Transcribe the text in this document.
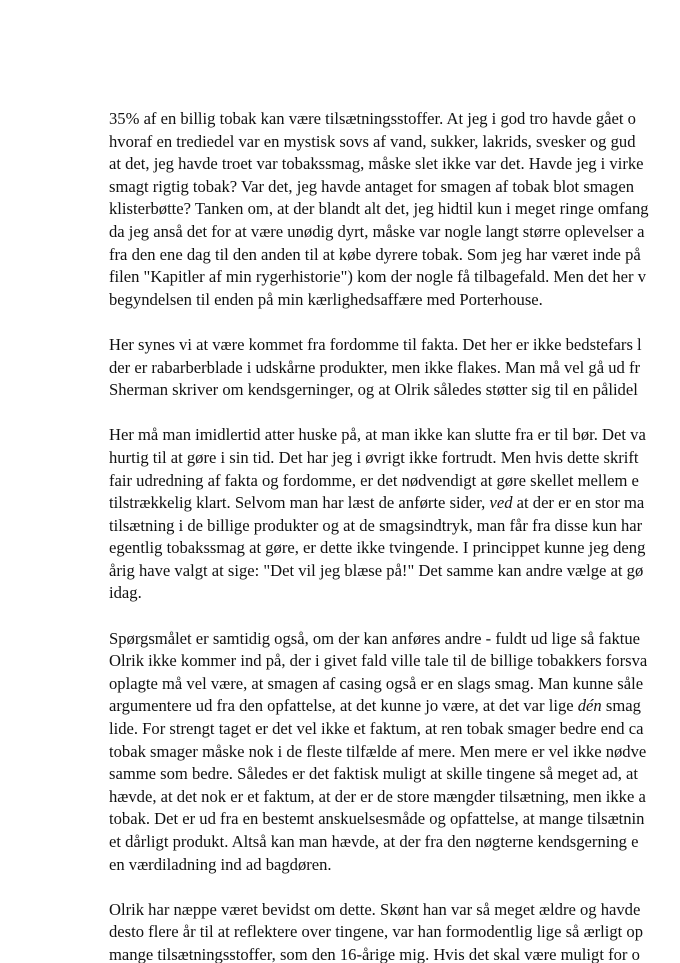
35% af en billig tobak kan være tilsætningsstoffer. At jeg i god tro havde gået o
hvoraf en trediedel var en mystisk sovs af vand, sukker, lakrids, svesker og gud
at det, jeg havde troet var tobakssmag, måske slet ikke var det. Havde jeg i virke
smagt rigtig tobak? Var det, jeg havde antaget for smagen af tobak blot smagen
klisterbøtte? Tanken om, at der blandt alt det, jeg hidtil kun i meget ringe omfang
da jeg anså det for at være unødig dyrt, måske var nogle langt større oplevelser a
fra den ene dag til den anden til at købe dyrere tobak. Som jeg har været inde på
filen "Kapitler af min rygerhistorie") kom der nogle få tilbagefald. Men det her v
begyndelsen til enden på min kærlighedsaffære med Porterhouse.

Her synes vi at være kommet fra fordomme til fakta. Det her er ikke bedstefars l
der er rabarberblade i udskårne produkter, men ikke flakes. Man må vel gå ud fr
Sherman skriver om kendsgerninger, og at Olrik således støtter sig til en pålidel

Her må man imidlertid atter huske på, at man ikke kan slutte fra er til bør. Det va
hurtig til at gøre i sin tid. Det har jeg i øvrigt ikke fortrudt. Men hvis dette skrift
fair udredning af fakta og fordomme, er det nødvendigt at gøre skellet mellem e
tilstrækkelig klart. Selvom man har læst de anførte sider, ved at der er en stor ma
tilsætning i de billige produkter og at de smagsindtryk, man får fra disse kun har
egentlig tobakssmag at gøre, er dette ikke tvingende. I princippet kunne jeg deng
årig have valgt at sige: "Det vil jeg blæse på!" Det samme kan andre vælge at gø
idag.

Spørgsmålet er samtidig også, om der kan anføres andre - fuldt ud lige så faktue
Olrik ikke kommer ind på, der i givet fald ville tale til de billige tobakkers forsva
oplagte må vel være, at smagen af casing også er en slags smag. Man kunne såle
argumentere ud fra den opfattelse, at det kunne jo være, at det var lige dén smag
lide. For strengt taget er det vel ikke et faktum, at ren tobak smager bedre end ca
tobak smager måske nok i de fleste tilfælde af mere. Men mere er vel ikke nødve
samme som bedre. Således er det faktisk muligt at skille tingene så meget ad, at
hævde, at det nok er et faktum, at der er de store mængder tilsætning, men ikke a
tobak. Det er ud fra en bestemt anskuelsesmåde og opfattelse, at mange tilsætnin
et dårligt produkt. Altså kan man hævde, at der fra den nøgterne kendsgerning e
en værdiladning ind ad bagdøren.

Olrik har næppe været bevidst om dette. Skønt han var så meget ældre og havde
desto flere år til at reflektere over tingene, var han formodentlig lige så ærligt op
mange tilsætningsstoffer, som den 16-årige mig. Hvis det skal være muligt for o
